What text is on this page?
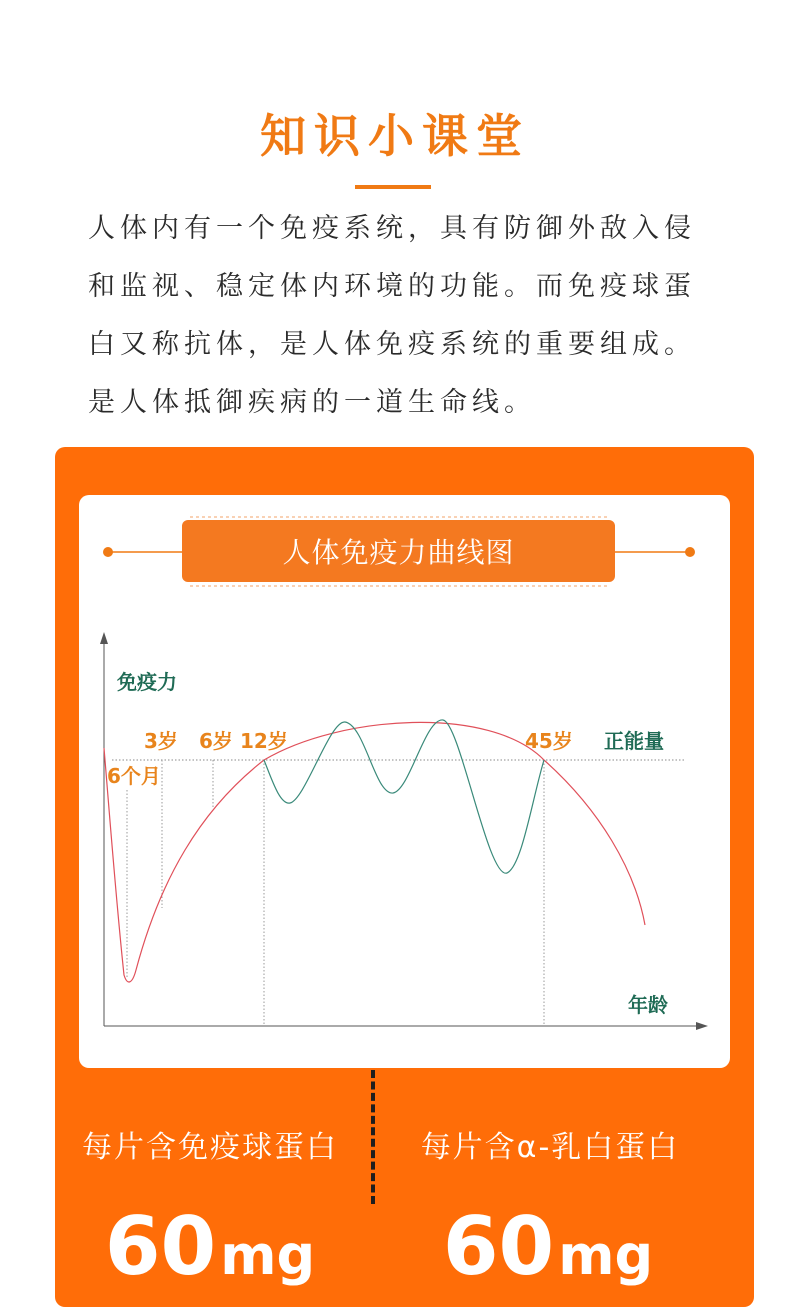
知识小课堂
人体内有一个免疫系统，具有防御外敌入侵
和监视、稳定体内环境的功能。而免疫球蛋
白又称抗体，是人体免疫系统的重要组成。
是人体抵御疾病的一道生命线。
免疫力
年龄
正能量
6个月
3岁 6岁 12岁	45岁
人体免疫力曲线图
每片含免疫球蛋白	每片含α-乳白蛋白
60mg	60mg
